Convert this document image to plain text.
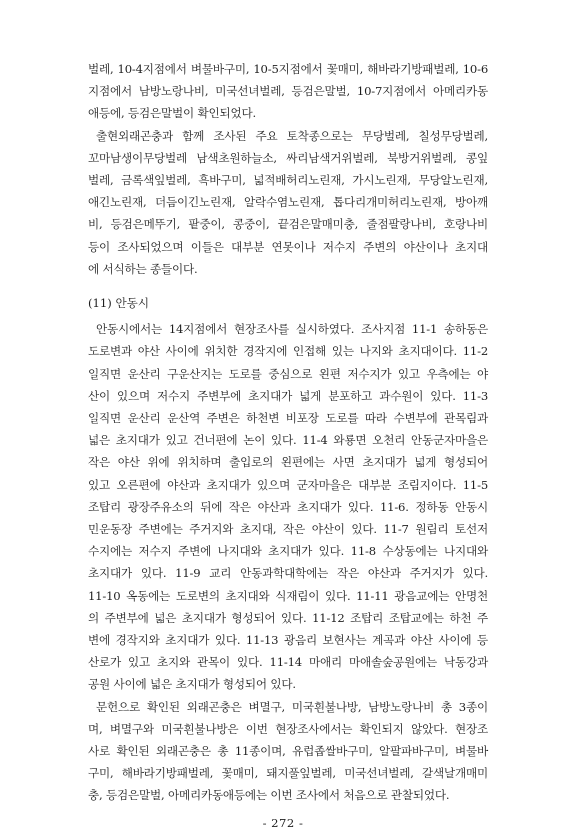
벌레, 10-4지점에서 벼물바구미, 10-5지점에서 꽃매미, 해바라기방패벌레, 10-6
지점에서 남방노랑나비, 미국선녀벌레, 등검은말벌, 10-7지점에서 아메리카동
애등에, 등검은말벌이 확인되었다.
출현외래곤충과 함께 조사된 주요 토착종으로는 무당벌레, 칠성무당벌레,
꼬마남생이무당벌레 남색초원하늘소, 싸리남색거위벌레, 북방거위벌레, 콩잎
벌레, 금록색잎벌레, 흑바구미, 넓적배허리노린재, 가시노린재, 무당알노린재,
애긴노린재, 더듬이긴노린재, 알락수염노린재, 톱다리개미허리노린재, 방아깨
비, 등검은메뚜기, 팥중이, 콩중이, 끝검은말매미충, 줄점팔랑나비, 호랑나비
등이 조사되었으며 이들은 대부분 연못이나 저수지 주변의 야산이나 초지대
에 서식하는 종들이다.
(11) 안동시
안동시에서는 14지점에서 현장조사를 실시하였다. 조사지점 11-1 송하동은
도로변과 야산 사이에 위치한 경작지에 인접해 있는 나지와 초지대이다. 11-2
일직면 운산리 구운산지는 도로를 중심으로 왼편 저수지가 있고 우측에는 야
산이 있으며 저수지 주변부에 초지대가 넓게 분포하고 과수원이 있다. 11-3
일직면 운산리 운산역 주변은 하천변 비포장 도로를 따라 수변부에 관목림과
넓은 초지대가 있고 건너편에 논이 있다. 11-4 와룡면 오천리 안동군자마을은
작은 야산 위에 위치하며 출입로의 왼편에는 사면 초지대가 넓게 형성되어
있고 오른편에 야산과 초지대가 있으며 군자마을은 대부분 조림지이다. 11-5
조탑리 광장주유소의 뒤에 작은 야산과 초지대가 있다. 11-6. 정하동 안동시
민운동장 주변에는 주거지와 초지대, 작은 야산이 있다. 11-7 원림리 토선저
수지에는 저수지 주변에 나지대와 초지대가 있다. 11-8 수상동에는 나지대와
초지대가 있다. 11-9 교리 안동과학대학에는 작은 야산과 주거지가 있다.
11-10 옥동에는 도로변의 초지대와 식재림이 있다. 11-11 광음교에는 안명천
의 주변부에 넓은 초지대가 형성되어 있다. 11-12 조탑리 조탑교에는 하천 주
변에 경작지와 초지대가 있다. 11-13 광음리 보현사는 계곡과 야산 사이에 등
산로가 있고 초지와 관목이 있다. 11-14 마애리 마애솔숲공원에는 낙동강과
공원 사이에 넓은 초지대가 형성되어 있다.
문헌으로 확인된 외래곤충은 벼멸구, 미국흰불나방, 남방노랑나비 총 3종이
며, 벼멸구와 미국흰불나방은 이번 현장조사에서는 확인되지 않았다. 현장조
사로 확인된 외래곤충은 총 11종이며, 유럽좁쌀바구미, 알팔파바구미, 벼물바
구미, 해바라기방패벌레, 꽃매미, 돼지풀잎벌레, 미국선녀벌레, 갈색날개매미
충, 등검은말벌, 아메리카동애등에는 이번 조사에서 처음으로 관찰되었다.
- 272 -
